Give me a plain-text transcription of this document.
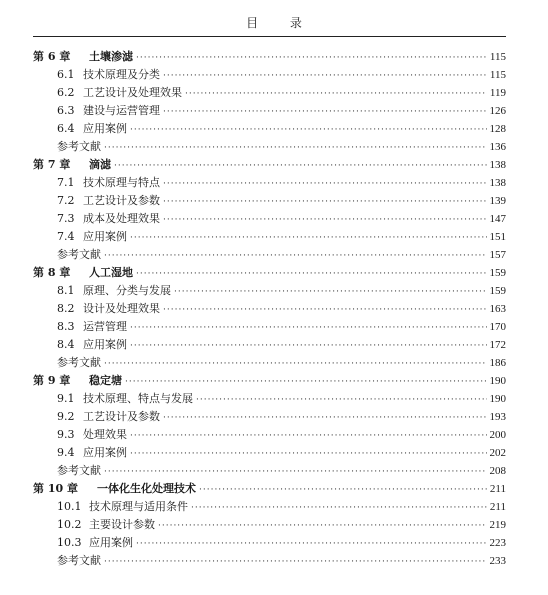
目 录
第 6 章 土壤渗滤 ·····	115
6.1 技术原理及分类 ·····	115
6.2 工艺设计及处理效果 ·····	119
6.3 建设与运营管理 ·····	126
6.4 应用案例 ·····	128
参考文献 ·····	136
第 7 章 滴滤 ·····	138
7.1 技术原理与特点 ·····	138
7.2 工艺设计及参数 ·····	139
7.3 成本及处理效果 ·····	147
7.4 应用案例 ·····	151
参考文献 ·····	157
第 8 章 人工湿地 ·····	159
8.1 原理、分类与发展 ·····	159
8.2 设计及处理效果 ·····	163
8.3 运营管理 ·····	170
8.4 应用案例 ·····	172
参考文献 ·····	186
第 9 章 稳定塘 ·····	190
9.1 技术原理、特点与发展 ·····	190
9.2 工艺设计及参数 ·····	193
9.3 处理效果 ·····	200
9.4 应用案例 ·····	202
参考文献 ·····	208
第 10 章 一体化生化处理技术 ·····	211
10.1 技术原理与适用条件 ·····	211
10.2 主要设计参数 ·····	219
10.3 应用案例 ·····	223
参考文献 ·····	233
